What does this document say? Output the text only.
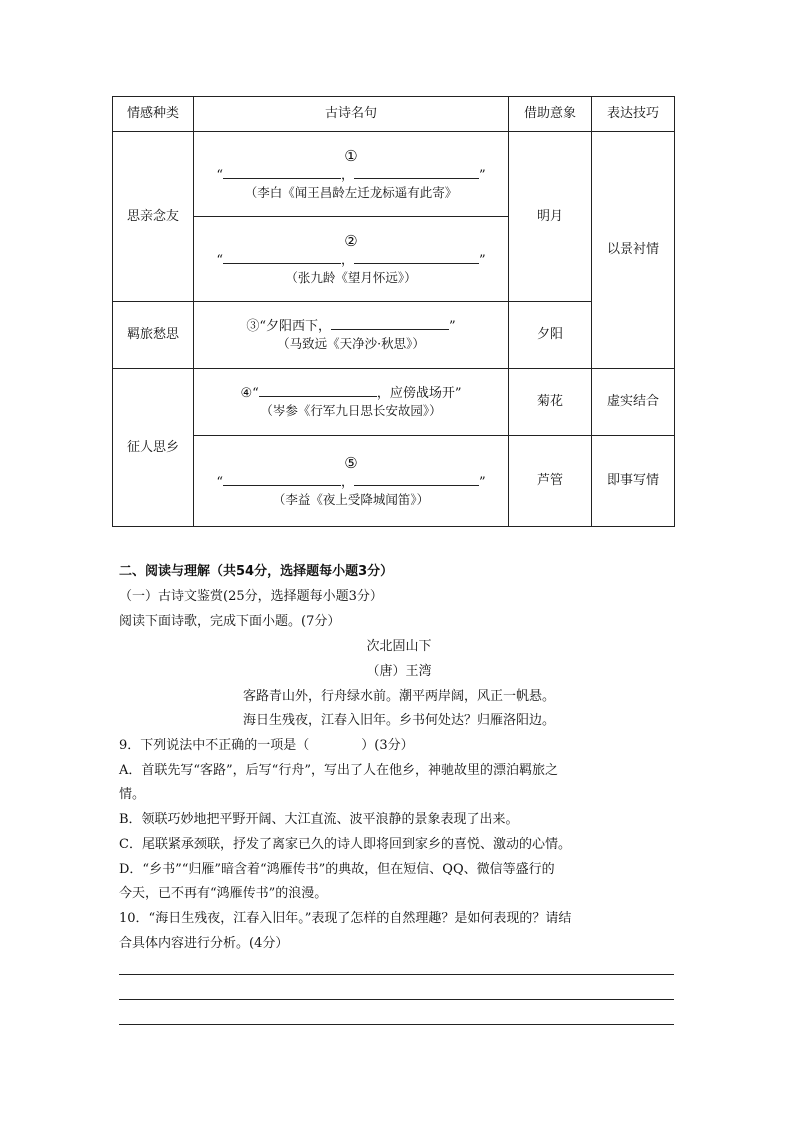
情感种类	古诗名句	借助意象	表达技巧
思亲念友	①
“ ， ”
（李白《闻王昌龄左迁龙标遥有此寄》	明月	以景衬情

	②
“ ， ”
（张九龄《望月怀远》）		

羁旅愁思	③“夕阳西下， ”
（马致远《天净沙·秋思》）	夕阳	
征人思乡	④“ ，应傍战场开”
（岑参《行军九日思长安故园》）	菊花	虚实结合

	⑤
“ ， ”
（李益《夜上受降城闻笛》）	芦管	即事写情
二、阅读与理解（共54分，选择题每小题3分）
（一）古诗文鉴赏(25分，选择题每小题3分）
阅读下面诗歌，完成下面小题。(7分）
次北固山下
（唐）王湾
客路青山外，行舟绿水前。潮平两岸阔，风正一帆悬。
海日生残夜，江春入旧年。乡书何处达？归雁洛阳边。
9．下列说法中不正确的一项是（　　　　）(3分）
A．首联先写“客路”，后写“行舟”，写出了人在他乡，神驰故里的漂泊羁旅之
情。
B．领联巧妙地把平野开阔、大江直流、波平浪静的景象表现了出来。
C．尾联紧承颈联，抒发了离家已久的诗人即将回到家乡的喜悦、激动的心情。
D．“乡书”“归雁”暗含着“鸿雁传书”的典故，但在短信、QQ、微信等盛行的
今天，已不再有“鸿雁传书”的浪漫。
10．“海日生残夜，江春入旧年。”表现了怎样的自然理趣？是如何表现的？请结
合具体内容进行分析。(4分）
